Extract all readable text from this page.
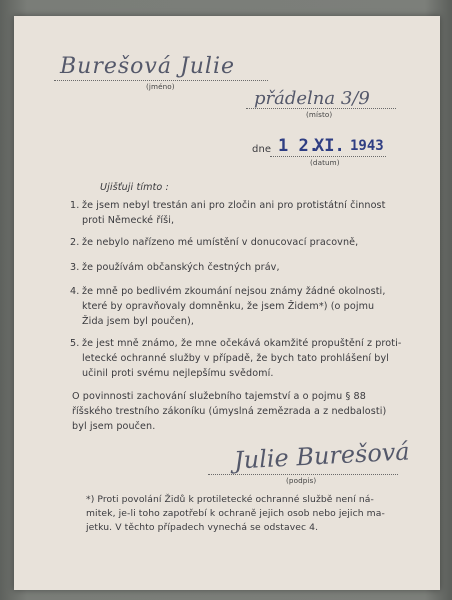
Burešová Julie
(jméno)
přádelna 3/9
(místo)
dne 1 2.
XI. 1943
(datum)
Ujišťuji tímto :
1. že jsem nebyl trestán ani pro zločin ani pro protistátní činnost
proti Německé říši,
2. že nebylo nařízeno mé umístění v donucovací pracovně,
3. že používám občanských čestných práv,
4. že mně po bedlivém zkoumání nejsou známy žádné okolnosti,
které by opravňovaly domněnku, že jsem Židem*) (o pojmu
Žida jsem byl poučen),
5. že jest mně známo, že mne očekává okamžité propuštění z proti-
letecké ochranné služby v případě, že bych tato prohlášení byl
učinil proti svému nejlepšímu svědomí.
O povinnosti zachování služebního tajemství a o pojmu § 88
říšského trestního zákoníku (úmyslná zemězrada a z nedbalosti)
byl jsem poučen.
Julie Burešová
(podpis)
*) Proti povolání Židů k protiletecké ochranné službě není ná-
mitek, je-li toho zapotřebí k ochraně jejich osob nebo jejich ma-
jetku. V těchto případech vynechá se odstavec 4.
